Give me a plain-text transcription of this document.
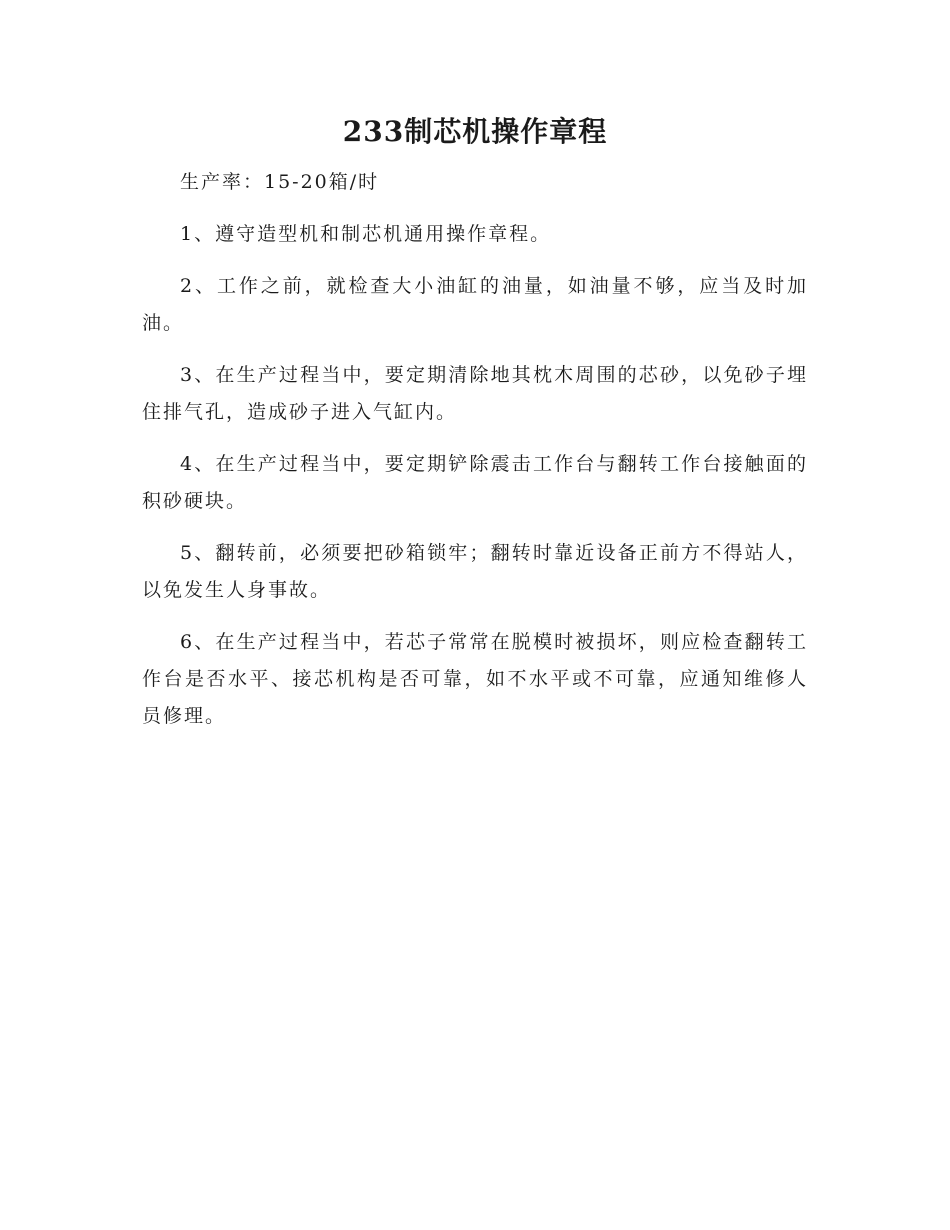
233制芯机操作章程

生产率：15-20箱/时

1、遵守造型机和制芯机通用操作章程。

2、工作之前，就检查大小油缸的油量，如油量不够，应当及时加油。

3、在生产过程当中，要定期清除地其枕木周围的芯砂，以免砂子埋住排气孔，造成砂子进入气缸内。

4、在生产过程当中，要定期铲除震击工作台与翻转工作台接触面的积砂硬块。

5、翻转前，必须要把砂箱锁牢；翻转时靠近设备正前方不得站人，以免发生人身事故。

6、在生产过程当中，若芯子常常在脱模时被损坏，则应检查翻转工作台是否水平、接芯机构是否可靠，如不水平或不可靠，应通知维修人员修理。
